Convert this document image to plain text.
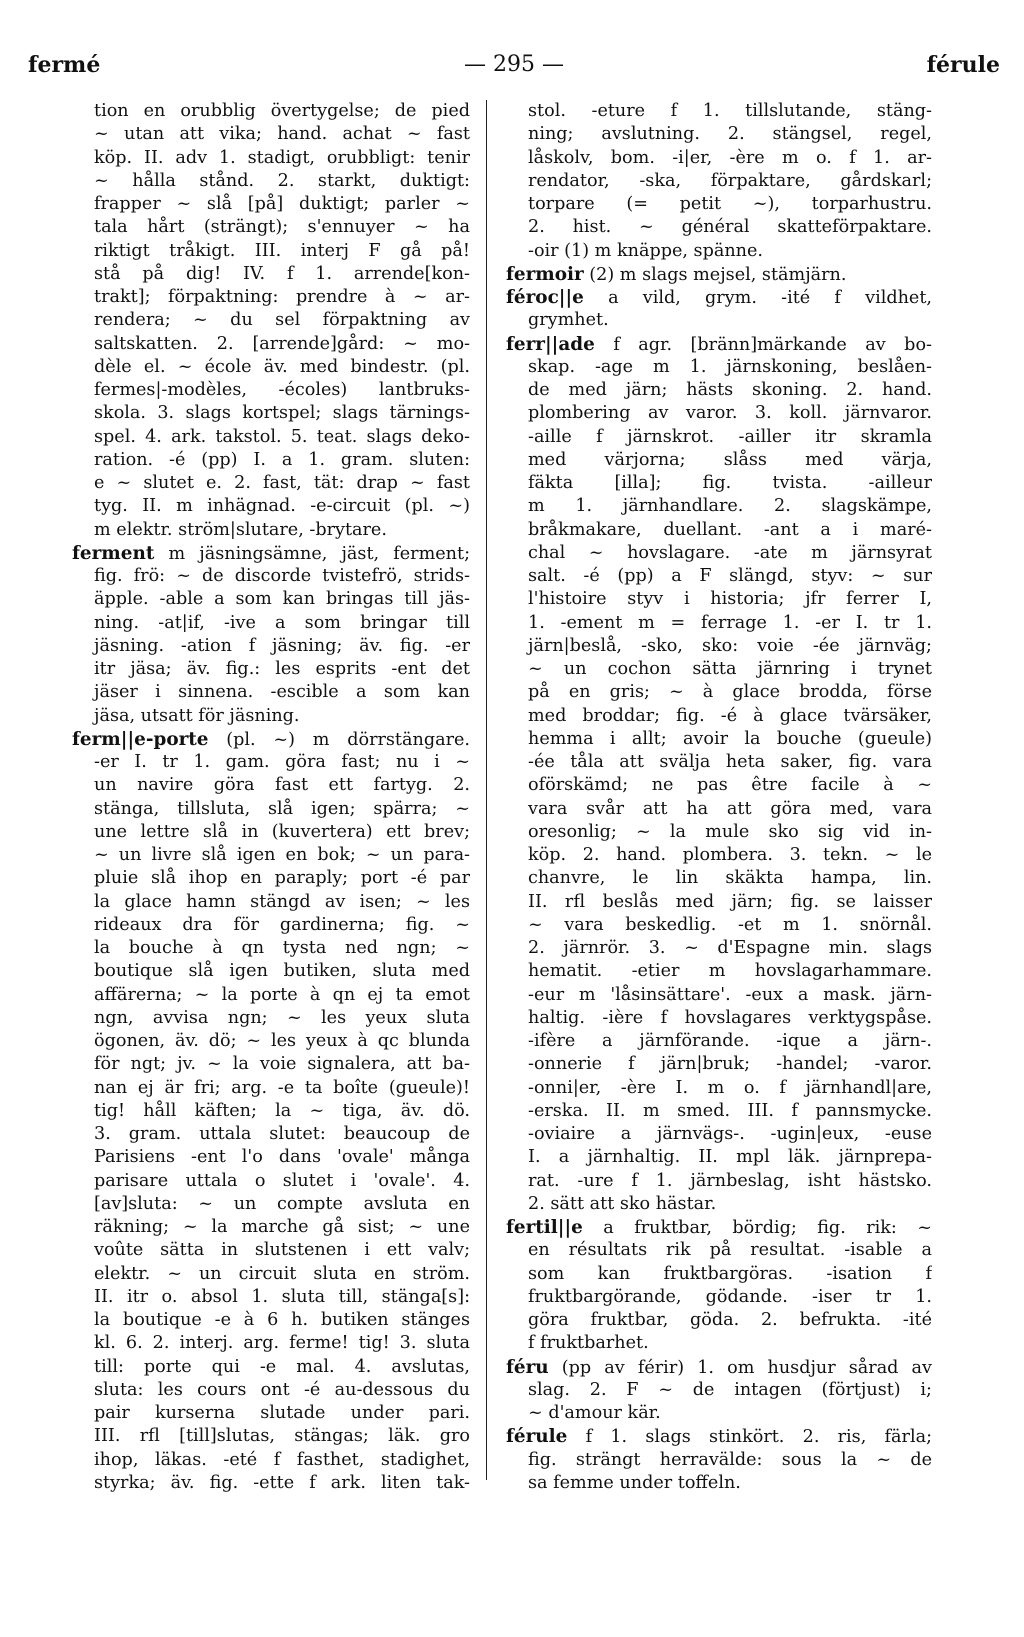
fermé	— 295 —	férule
tion en orubblig övertygelse; de pied
~ utan att vika; hand. achat ~ fast
köp. II. adv 1. stadigt, orubbligt: tenir
~ hålla stånd. 2. starkt, duktigt:
frapper ~ slå [på] duktigt; parler ~
tala hårt (strängt); s'ennuyer ~ ha
riktigt tråkigt. III. interj F gå på!
stå på dig! IV. f 1. arrende[kon-
trakt]; förpaktning: prendre à ~ ar-
rendera; ~ du sel förpaktning av
saltskatten. 2. [arrende]gård: ~ mo-
dèle el. ~ école äv. med bindestr. (pl.
fermes|-modèles, -écoles) lantbruks-
skola. 3. slags kortspel; slags tärnings-
spel. 4. ark. takstol. 5. teat. slags deko-
ration. -é (pp) I. a 1. gram. sluten:
e ~ slutet e. 2. fast, tät: drap ~ fast
tyg. II. m inhägnad. -e-circuit (pl. ~)
m elektr. ström|slutare, -brytare.
ferment m jäsningsämne, jäst, ferment;
fig. frö: ~ de discorde tvistefrö, strids-
äpple. -able a som kan bringas till jäs-
ning. -at|if, -ive a som bringar till
jäsning. -ation f jäsning; äv. fig. -er
itr jäsa; äv. fig.: les esprits -ent det
jäser i sinnena. -escible a som kan
jäsa, utsatt för jäsning.
ferm||e-porte (pl. ~) m dörrstängare.
-er I. tr 1. gam. göra fast; nu i ~
un navire göra fast ett fartyg. 2.
stänga, tillsluta, slå igen; spärra; ~
une lettre slå in (kuvertera) ett brev;
~ un livre slå igen en bok; ~ un para-
pluie slå ihop en paraply; port -é par
la glace hamn stängd av isen; ~ les
rideaux dra för gardinerna; fig. ~
la bouche à qn tysta ned ngn; ~
boutique slå igen butiken, sluta med
affärerna; ~ la porte à qn ej ta emot
ngn, avvisa ngn; ~ les yeux sluta
ögonen, äv. dö; ~ les yeux à qc blunda
för ngt; jv. ~ la voie signalera, att ba-
nan ej är fri; arg. -e ta boîte (gueule)!
tig! håll käften; la ~ tiga, äv. dö.
3. gram. uttala slutet: beaucoup de
Parisiens -ent l'o dans 'ovale' många
parisare uttala o slutet i 'ovale'. 4.
[av]sluta: ~ un compte avsluta en
räkning; ~ la marche gå sist; ~ une
voûte sätta in slutstenen i ett valv;
elektr. ~ un circuit sluta en ström.
II. itr o. absol 1. sluta till, stänga[s]:
la boutique -e à 6 h. butiken stänges
kl. 6. 2. interj. arg. ferme! tig! 3. sluta
till: porte qui -e mal. 4. avslutas,
sluta: les cours ont -é au-dessous du
pair kurserna slutade under pari.
III. rfl [till]slutas, stängas; läk. gro
ihop, läkas. -eté f fasthet, stadighet,
styrka; äv. fig. -ette f ark. liten tak-
stol. -eture f 1. tillslutande, stäng-
ning; avslutning. 2. stängsel, regel,
låskolv, bom. -i|er, -ère m o. f 1. ar-
rendator, -ska, förpaktare, gårdskarl;
torpare (= petit ~), torparhustru.
2. hist. ~ général skatteförpaktare.
-oir (1) m knäppe, spänne.
fermoir (2) m slags mejsel, stämjärn.
féroc||e a vild, grym. -ité f vildhet,
grymhet.
ferr||ade f agr. [bränn]märkande av bo-
skap. -age m 1. järnskoning, beslåen-
de med järn; hästs skoning. 2. hand.
plombering av varor. 3. koll. järnvaror.
-aille f järnskrot. -ailler itr skramla
med värjorna; slåss med värja,
fäkta [illa]; fig. tvista. -ailleur
m 1. järnhandlare. 2. slagskämpe,
bråkmakare, duellant. -ant a i maré-
chal ~ hovslagare. -ate m järnsyrat
salt. -é (pp) a F slängd, styv: ~ sur
l'histoire styv i historia; jfr ferrer I,
1. -ement m = ferrage 1. -er I. tr 1.
järn|beslå, -sko, sko: voie -ée järnväg;
~ un cochon sätta järnring i trynet
på en gris; ~ à glace brodda, förse
med broddar; fig. -é à glace tvärsäker,
hemma i allt; avoir la bouche (gueule)
-ée tåla att svälja heta saker, fig. vara
oförskämd; ne pas être facile à ~
vara svår att ha att göra med, vara
oresonlig; ~ la mule sko sig vid in-
köp. 2. hand. plombera. 3. tekn. ~ le
chanvre, le lin skäkta hampa, lin.
II. rfl beslås med järn; fig. se laisser
~ vara beskedlig. -et m 1. snörnål.
2. järnrör. 3. ~ d'Espagne min. slags
hematit. -etier m hovslagarhammare.
-eur m 'låsinsättare'. -eux a mask. järn-
haltig. -ière f hovslagares verktygspåse.
-ifère a järnförande. -ique a järn-.
-onnerie f järn|bruk; -handel; -varor.
-onni|er, -ère I. m o. f järnhandl|are,
-erska. II. m smed. III. f pannsmycke.
-oviaire a järnvägs-. -ugin|eux, -euse
I. a järnhaltig. II. mpl läk. järnprepa-
rat. -ure f 1. järnbeslag, isht hästsko.
2. sätt att sko hästar.
fertil||e a fruktbar, bördig; fig. rik: ~
en résultats rik på resultat. -isable a
som kan fruktbargöras. -isation f
fruktbargörande, gödande. -iser tr 1.
göra fruktbar, göda. 2. befrukta. -ité
f fruktbarhet.
féru (pp av férir) 1. om husdjur sårad av
slag. 2. F ~ de intagen (förtjust) i;
~ d'amour kär.
férule f 1. slags stinkört. 2. ris, färla;
fig. strängt herravälde: sous la ~ de
sa femme under toffeln.
